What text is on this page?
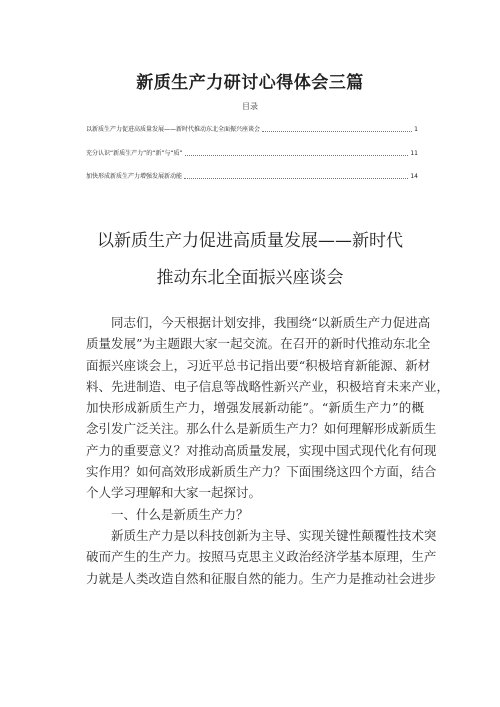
新质生产力研讨心得体会三篇
目录
以新质生产力促进高质量发展——新时代推动东北全面振兴座谈会	1
充分认识“新质生产力”的“新”与“质”	11
加快形成新质生产力增强发展新动能	14
以新质生产力促进高质量发展——新时代
推动东北全面振兴座谈会
同 志 们 ， 今 天 根 据 计 划 安 排 ， 我 围 绕 “ 以 新 质 生 产 力 促 进 高
质 量 发 展 ” 为 主 题 跟 大 家 一 起 交 流 。 在 召 开 的 新 时 代 推 动 东 北 全
面 振 兴 座 谈 会 上 ， 习 近 平 总 书 记 指 出 要 “ 积 极 培 育 新 能 源 、 新 材
料 、 先 进 制 造 、 电 子 信 息 等 战 略 性 新 兴 产 业 ， 积 极 培 育 未 来 产 业 ，
加 快 形 成 新 质 生 产 力 ， 增 强 发 展 新 动 能 ” 。 “ 新 质 生 产 力 ” 的 概
念 引 发 广 泛 关 注 。 那 么 什 么 是 新 质 生 产 力 ？ 如 何 理 解 形 成 新 质 生
产 力 的 重 要 意 义 ？ 对 推 动 高 质 量 发 展 ， 实 现 中 国 式 现 代 化 有 何 现
实 作 用 ？ 如 何 高 效 形 成 新 质 生 产 力 ？ 下 面 围 绕 这 四 个 方 面 ， 结 合
个人学习理解和大家一起探讨。
一、什么是新质生产力？
新 质 生 产 力 是 以 科 技 创 新 为 主 导 、 实 现 关 键 性 颠 覆 性 技 术 突
破 而 产 生 的 生 产 力 。 按 照 马 克 思 主 义 政 治 经 济 学 基 本 原 理 ， 生 产
力就是人类改造自然和征服自然的能力。生产力是推动社会进步
